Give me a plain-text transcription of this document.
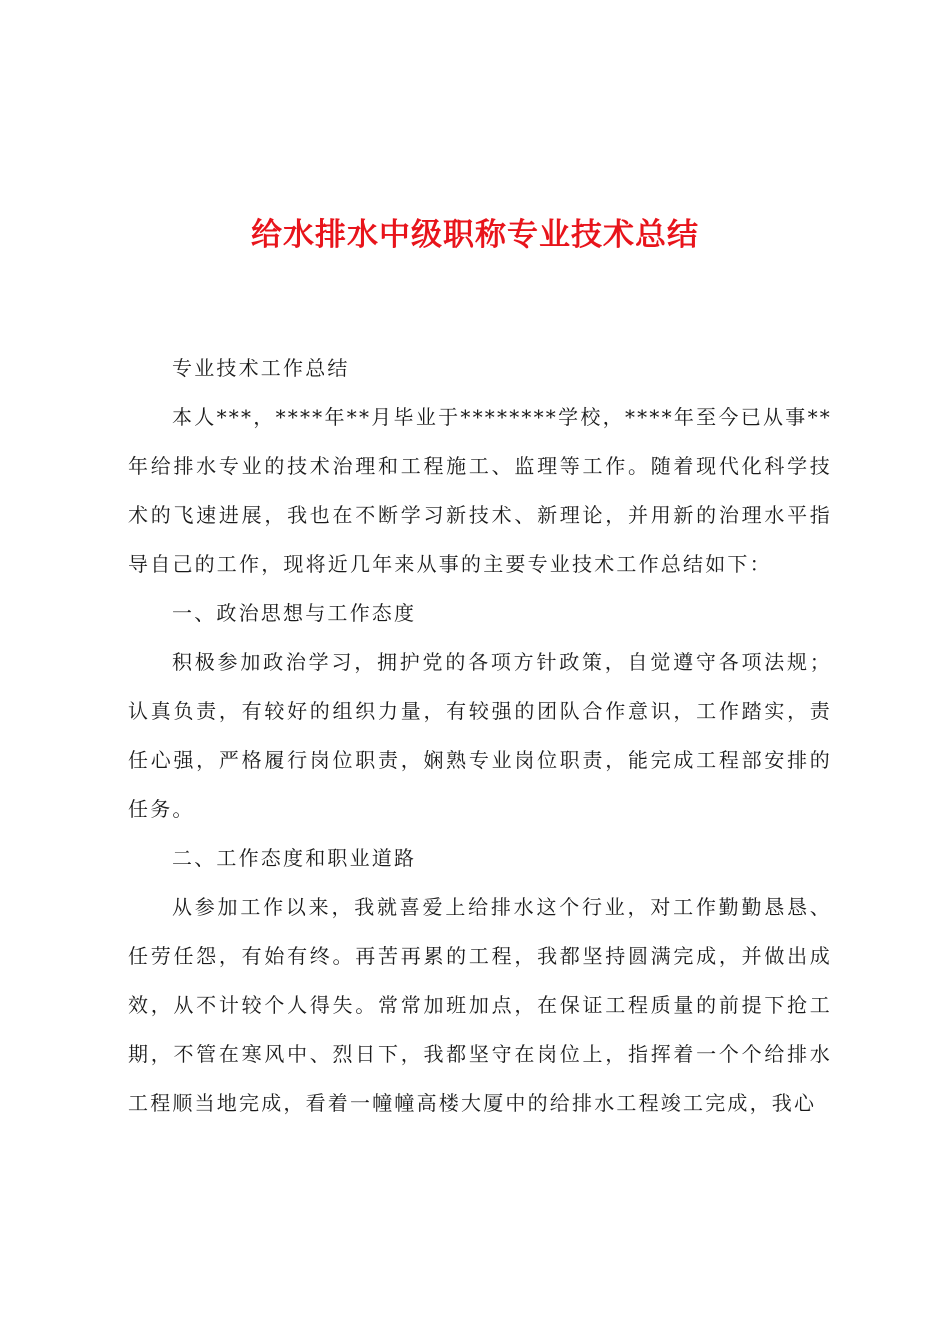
给水排水中级职称专业技术总结

专业技术工作总结

本人***，****年**月毕业于********学校，****年至今已从事**年给排水专业的技术治理和工程施工、监理等工作。随着现代化科学技术的飞速进展，我也在不断学习新技术、新理论，并用新的治理水平指导自己的工作，现将近几年来从事的主要专业技术工作总结如下：

一、政治思想与工作态度

积极参加政治学习，拥护党的各项方针政策，自觉遵守各项法规；认真负责，有较好的组织力量，有较强的团队合作意识，工作踏实，责任心强，严格履行岗位职责，娴熟专业岗位职责，能完成工程部安排的任务。

二、工作态度和职业道路

从参加工作以来，我就喜爱上给排水这个行业，对工作勤勤恳恳、任劳任怨，有始有终。再苦再累的工程，我都坚持圆满完成，并做出成效，从不计较个人得失。常常加班加点，在保证工程质量的前提下抢工期，不管在寒风中、烈日下，我都坚守在岗位上，指挥着一个个给排水工程顺当地完成，看着一幢幢高楼大厦中的给排水工程竣工完成，我心
